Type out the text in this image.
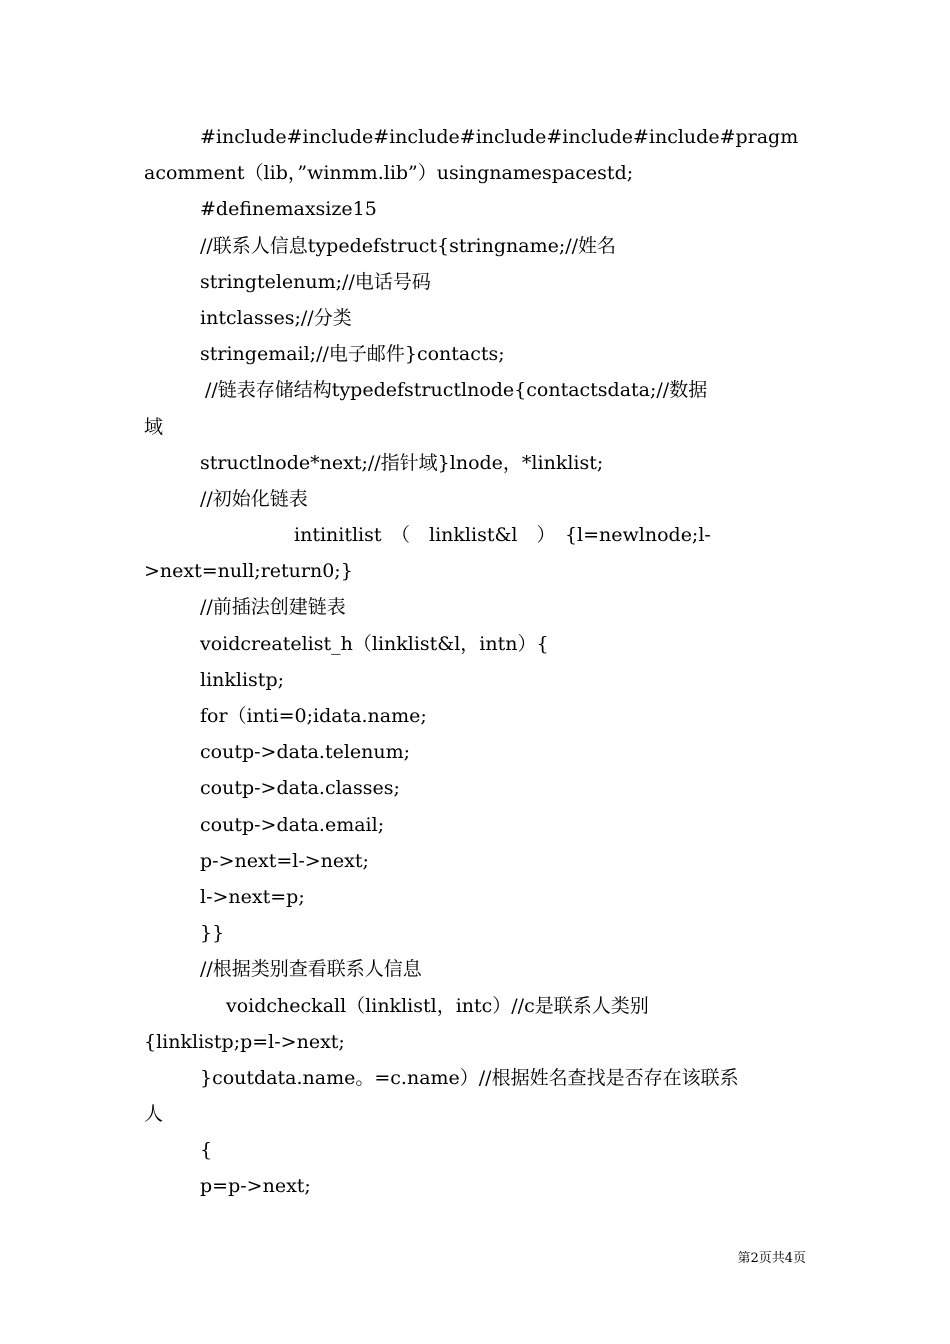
#include#include#include#include#include#include#pragm
acomment（lib，”winmm.lib”）usingnamespacestd;
#definemaxsize15
//联系人信息typedefstruct{stringname;//姓名
stringtelenum;//电话号码
intclasses;//分类
stringemail;//电子邮件}contacts;
//链表存储结构typedefstructlnode{contactsdata;//数据
域
structlnode*next;//指针域}lnode，*linklist;
//初始化链表
intinitlist　（　linklist&l　）　{l=newlnode;l-
>next=null;return0;}
//前插法创建链表
voidcreatelist_h（linklist&l，intn）{
linklistp;
for（inti=0;idata.name;
coutp->data.telenum;
coutp->data.classes;
coutp->data.email;
p->next=l->next;
l->next=p;
}}
//根据类别查看联系人信息
voidcheckall（linklistl，intc）//c是联系人类别
{linklistp;p=l->next;
}coutdata.name。=c.name）//根据姓名查找是否存在该联系
人
{
p=p->next;
第2页共4页
